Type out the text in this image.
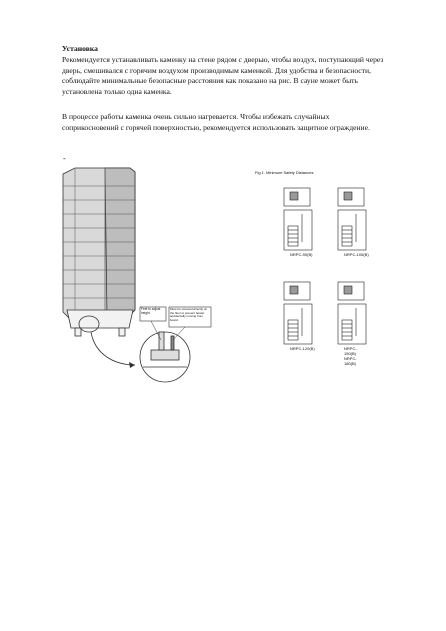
Установка
Рекомендуется устанавливать каменку на стене рядом с дверью, чтобы воздух, поступающий через
дверь, смешивался с горячим воздухом производимым каменкой. Для удобства и безопасности,
соблюдайте минимальные безопасные расстояния как показано на рис. В сауне может быть
установлена только одна каменка.
В процессе работы каменка очень сильно нагревается. Чтобы избежать случайных
соприкосновений с горячей поверхностью, рекомендуется использовать защитное ограждение.
-
Feet to adjust height.
Must be screwed directly on the floor to prevent heater accidentally moving from board.
Fig 1. Minimum Safety Distances
NRPC-90(B)	NRPC-105(B)
NRPC-120(B)	NRPC-150(B) NRPC-180(B)
